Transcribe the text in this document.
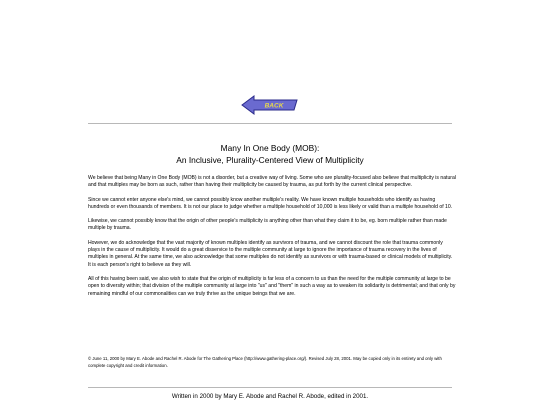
BACK
Many In One Body (MOB):
An Inclusive, Plurality-Centered View of Multiplicity

We believe that being Many in One Body (MOB) is not a disorder, but a creative way of living. Some who are plurality-focused also believe that multiplicity is natural and that multiples may be born as such, rather than having their multiplicity be caused by trauma, as put forth by the current clinical perspective.

Since we cannot enter anyone else's mind, we cannot possibly know another multiple's reality. We have known multiple households who identify as having hundreds or even thousands of members. It is not our place to judge whether a multiple household of 10,000 is less likely or valid than a multiple household of 10.

Likewise, we cannot possibly know that the origin of other people's multiplicity is anything other than what they claim it to be, eg. born multiple rather than made multiple by trauma.

However, we do acknowledge that the vast majority of known multiples identify as survivors of trauma, and we cannot discount the role that trauma commonly plays in the cause of multiplicity. It would do a great disservice to the multiple community at large to ignore the importance of trauma recovery in the lives of multiples in general. At the same time, we also acknowledge that some multiples do not identify as survivors or with trauma-based or clinical models of multiplicity. It is each person's right to believe as they will.

All of this having been said, we also wish to state that the origin of multiplicity is far less of a concern to us than the need for the multiple community at large to be open to diversity within; that division of the multiple community at large into "us" and "them" in such a way as to weaken its solidarity is detrimental; and that only by remaining mindful of our commonalities can we truly thrive as the unique beings that we are.

© June 11, 2000 by Mary E. Abode and Rachel R. Abode for The Gathering Place (http://www.gathering-place.org/). Revised July 28, 2001. May be copied only in its entirety and only with complete copyright and credit information.
Written in 2000 by Mary E. Abode and Rachel R. Abode, edited in 2001.
